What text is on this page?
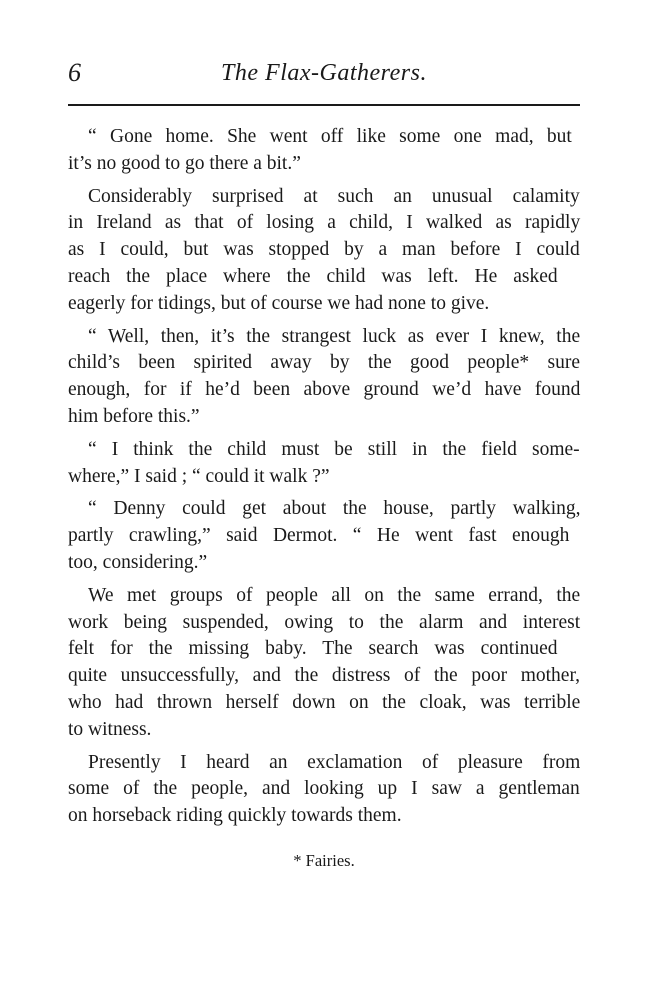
6	The Flax-Gatherers.

“ Gone home. She went off like some one mad, but
it’s no good to go there a bit.”

Considerably surprised at such an unusual calamity
in Ireland as that of losing a child, I walked as rapidly
as I could, but was stopped by a man before I could
reach the place where the child was left. He asked
eagerly for tidings, but of course we had none to give.

“ Well, then, it’s the strangest luck as ever I knew, the
child’s been spirited away by the good people* sure
enough, for if he’d been above ground we’d have found
him before this.”

“ I think the child must be still in the field some-
where,” I said ; “ could it walk ?”

“ Denny could get about the house, partly walking,
partly crawling,” said Dermot. “ He went fast enough
too, considering.”

We met groups of people all on the same errand, the
work being suspended, owing to the alarm and interest
felt for the missing baby. The search was continued
quite unsuccessfully, and the distress of the poor mother,
who had thrown herself down on the cloak, was terrible
to witness.

Presently I heard an exclamation of pleasure from
some of the people, and looking up I saw a gentleman
on horseback riding quickly towards them.

* Fairies.
